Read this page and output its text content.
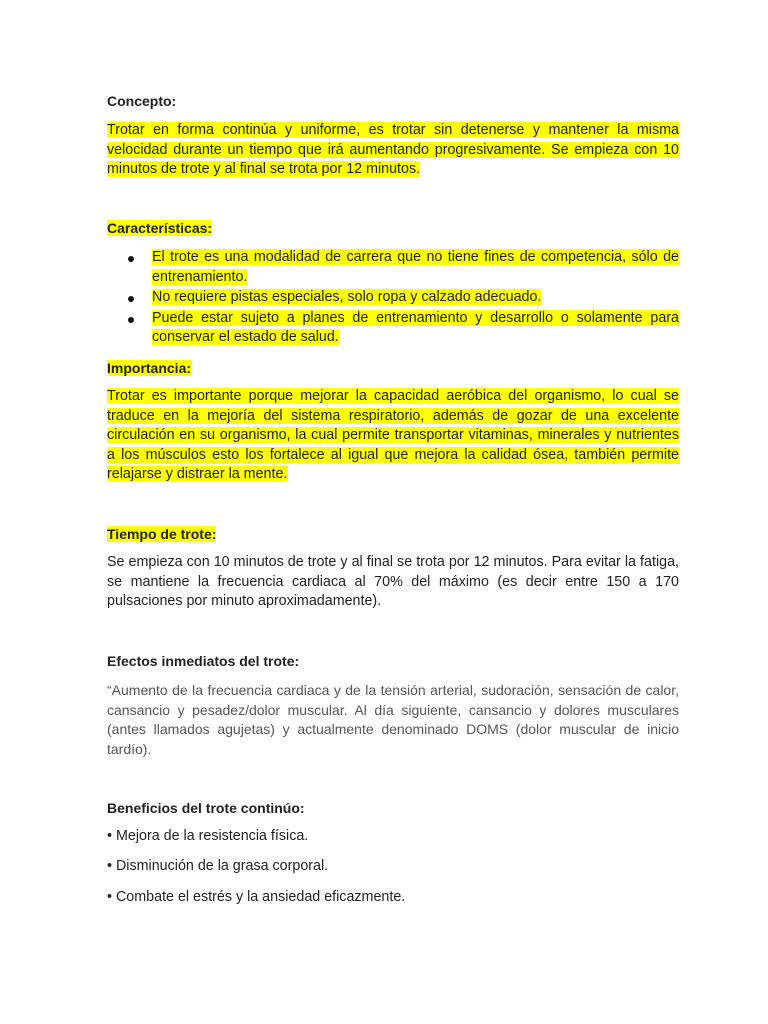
Concepto:

Trotar en forma continúa y uniforme, es trotar sin detenerse y mantener la misma velocidad durante un tiempo que irá aumentando progresivamente. Se empieza con 10 minutos de trote y al final se trota por 12 minutos.

Características:

El trote es una modalidad de carrera que no tiene fines de competencia, sólo de entrenamiento.
No requiere pistas especiales, solo ropa y calzado adecuado.
Puede estar sujeto a planes de entrenamiento y desarrollo o solamente para conservar el estado de salud.

Importancia:

Trotar es importante porque mejorar la capacidad aeróbica del organismo, lo cual se traduce en la mejoría del sistema respiratorio, además de gozar de una excelente circulación en su organismo, la cual permite transportar vitaminas, minerales y nutrientes a los músculos esto los fortalece al igual que mejora la calidad ósea, también permite relajarse y distraer la mente.

Tiempo de trote:

Se empieza con 10 minutos de trote y al final se trota por 12 minutos. Para evitar la fatiga, se mantiene la frecuencia cardiaca al 70% del máximo (es decir entre 150 a 170 pulsaciones por minuto aproximadamente).

Efectos inmediatos del trote:

“Aumento de la frecuencia cardiaca y de la tensión arterial, sudoración, sensación de calor, cansancio y pesadez/dolor muscular. Al día siguiente, cansancio y dolores musculares (antes llamados agujetas) y actualmente denominado DOMS (dolor muscular de inicio tardío).

Beneficios del trote continúo:

• Mejora de la resistencia física.
• Disminución de la grasa corporal.
• Combate el estrés y la ansiedad eficazmente.
